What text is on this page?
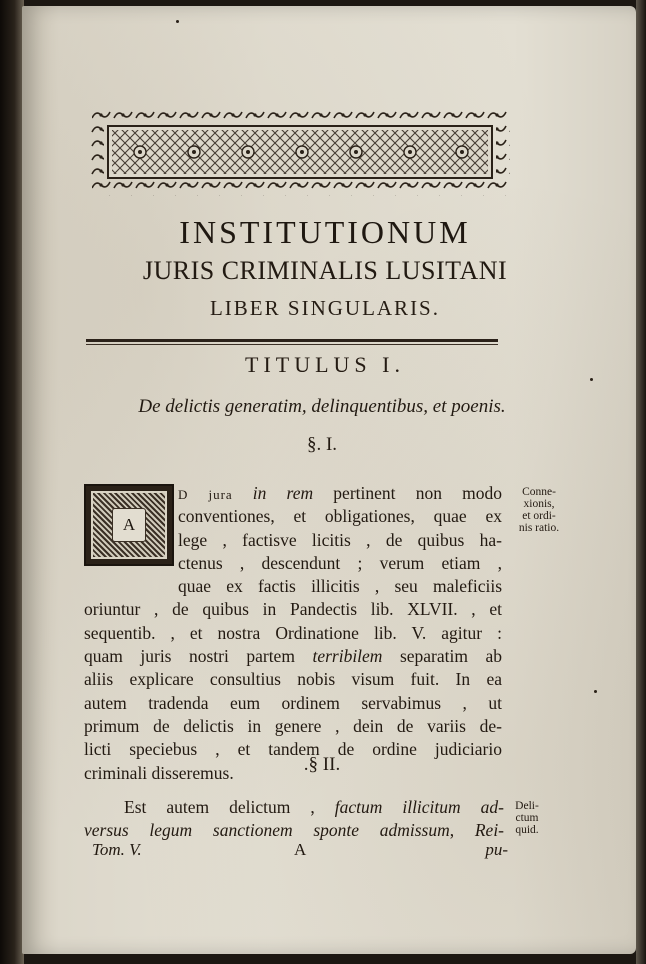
INSTITUTIONUM
JURIS CRIMINALIS LUSITANI
LIBER SINGULARIS.
TITULUS I.
De delictis generatim, delinquentibus, et poenis.
§. I.
A
D jura in rem pertinent non modo
conventiones, et obligationes, quae ex
lege , factisve licitis , de quibus ha-
ctenus , descendunt ; verum etiam ,
quae ex factis illicitis , seu maleficiis
oriuntur , de quibus in Pandectis lib. XLVII. , et
sequentib. , et nostra Ordinatione lib. V. agitur :
quam juris nostri partem terribilem separatim ab
aliis explicare consultius nobis visum fuit. In ea
autem tradenda eum ordinem servabimus , ut
primum de delictis in genere , dein de variis de-
licti speciebus , et tandem de ordine judiciario
criminali disseremus.
Conne-
xionis,
et ordi-
nis ratio.
.§ II.
Est autem delictum , factum illicitum ad-
versus legum sanctionem sponte admissum, Rei-
Deli-
ctum
quid.
Tom. V.	A	pu-
